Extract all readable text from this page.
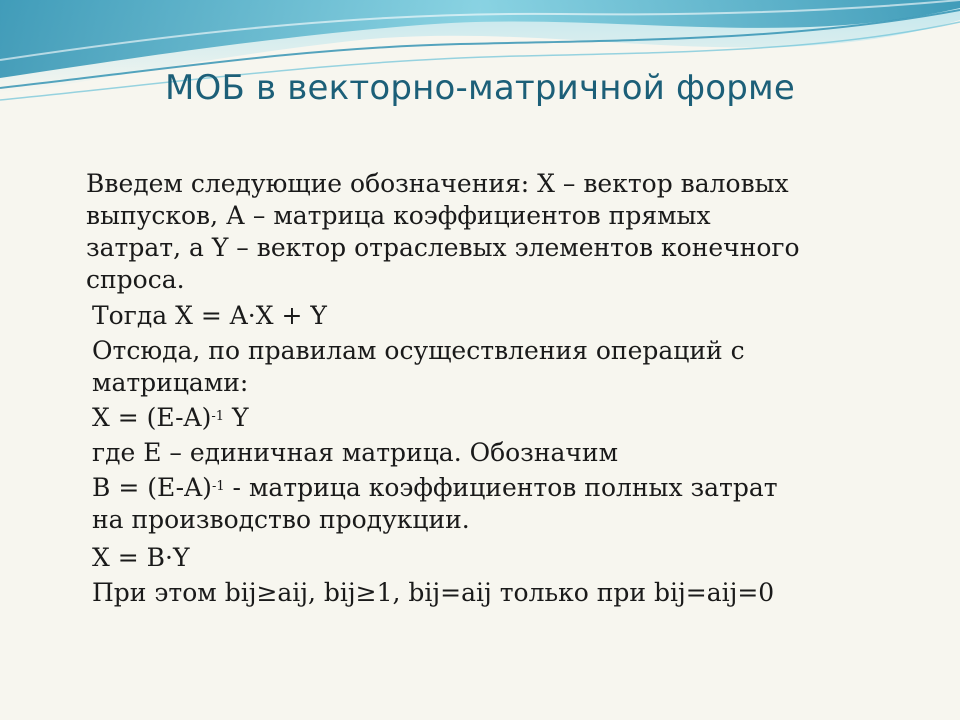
МОБ в векторно-матричной форме
Введем следующие обозначения: X – вектор валовых
выпусков, А – матрица коэффициентов прямых
затрат, а Y – вектор отраслевых элементов конечного
спроса.
Тогда X = A·X + Y
Отсюда, по правилам осуществления операций с
матрицами:
$X = (E-A)^{-1}$ Y
где E – единичная матрица. Обозначим
$B = (E-A)^{-1}$ - матрица коэффициентов полных затрат
на производство продукции.
X = B·Y
При этом bij≥aij, bij≥1, bij=aij только при bij=aij=0
